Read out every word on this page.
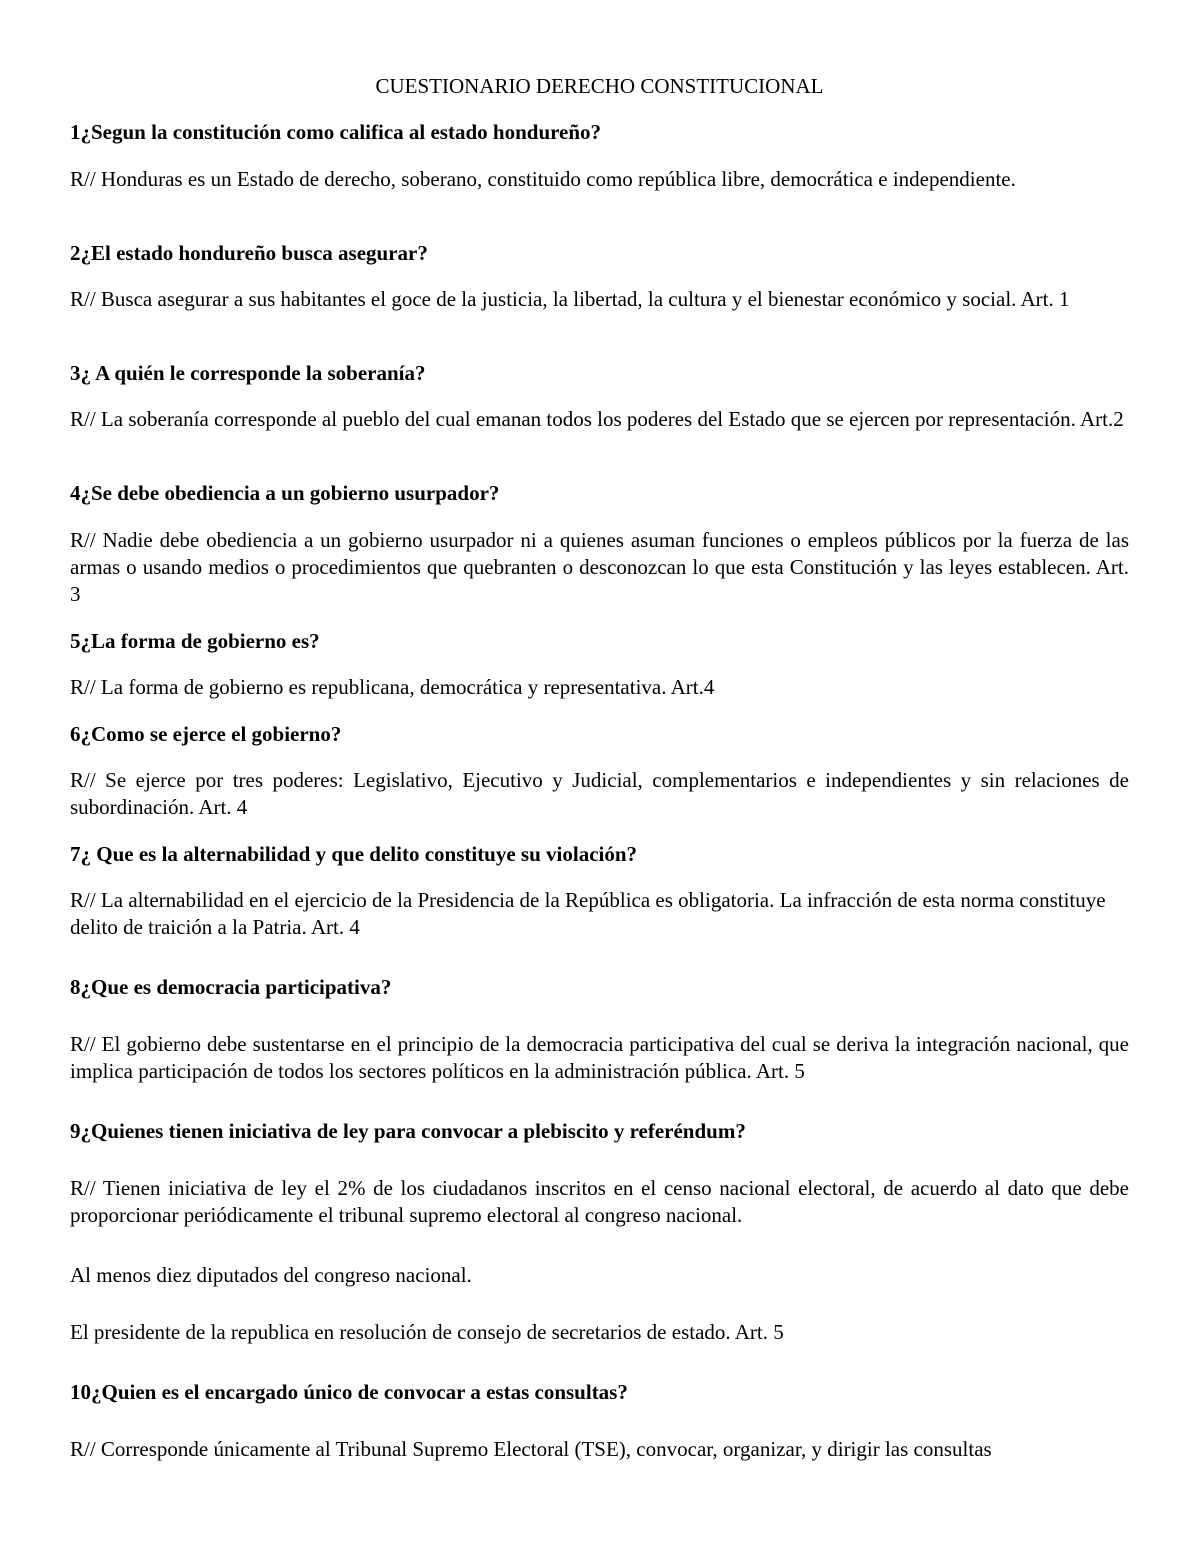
CUESTIONARIO DERECHO CONSTITUCIONAL

1¿Segun la constitución como califica al estado hondureño?

R// Honduras es un Estado de derecho, soberano, constituido como república libre, democrática e independiente.

2¿El estado hondureño busca asegurar?

R// Busca asegurar a sus habitantes el goce de la justicia, la libertad, la cultura y el bienestar económico y social. Art. 1

3¿ A quién le corresponde la soberanía?

R// La soberanía corresponde al pueblo del cual emanan todos los poderes del Estado que se ejercen por representación. Art.2

4¿Se debe obediencia a un gobierno usurpador?

R// Nadie debe obediencia a un gobierno usurpador ni a quienes asuman funciones o empleos públicos por la fuerza de las armas o usando medios o procedimientos que quebranten o desconozcan lo que esta Constitución y las leyes establecen. Art. 3

5¿La forma de gobierno es?

R// La forma de gobierno es republicana, democrática y representativa. Art.4

6¿Como se ejerce el gobierno?

R// Se ejerce por tres poderes: Legislativo, Ejecutivo y Judicial, complementarios e independientes y sin relaciones de subordinación. Art. 4

7¿ Que es la alternabilidad y que delito constituye su violación?

R// La alternabilidad en el ejercicio de la Presidencia de la República es obligatoria. La infracción de esta norma constituye delito de traición a la Patria. Art. 4

8¿Que es democracia participativa?

R// El gobierno debe sustentarse en el principio de la democracia participativa del cual se deriva la integración nacional, que implica participación de todos los sectores políticos en la administración pública. Art. 5

9¿Quienes tienen iniciativa de ley para convocar a plebiscito y referéndum?

R// Tienen iniciativa de ley el 2% de los ciudadanos inscritos en el censo nacional electoral, de acuerdo al dato que debe proporcionar periódicamente el tribunal supremo electoral al congreso nacional.

Al menos diez diputados del congreso nacional.

El presidente de la republica en resolución de consejo de secretarios de estado. Art. 5

10¿Quien es el encargado único de convocar a estas consultas?

R// Corresponde únicamente al Tribunal Supremo Electoral (TSE), convocar, organizar, y dirigir las consultas
